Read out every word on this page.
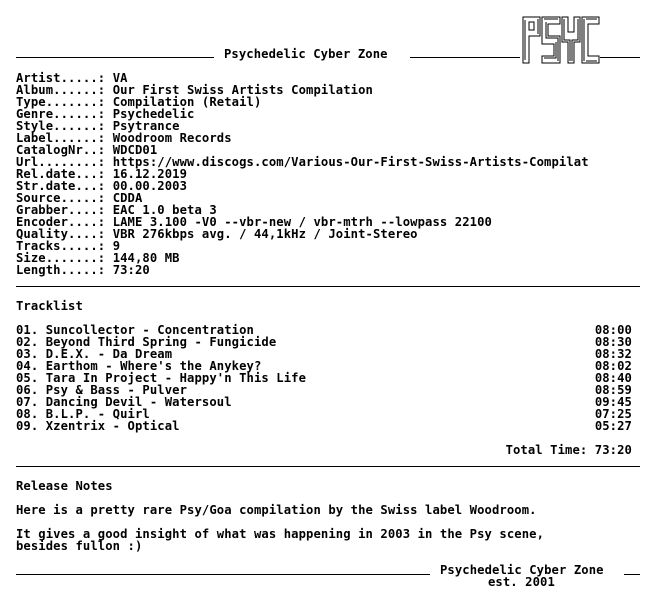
Psychedelic Cyber Zone
Artist.....: VA
Album......: Our First Swiss Artists Compilation
Type.......: Compilation (Retail)
Genre......: Psychedelic
Style......: Psytrance
Label......: Woodroom Records
CatalogNr..: WDCD01
Url........: https://www.discogs.com/Various-Our-First-Swiss-Artists-Compilat
Rel.date...: 16.12.2019
Str.date...: 00.00.2003
Source.....: CDDA
Grabber....: EAC 1.0 beta 3
Encoder....: LAME 3.100 -V0 --vbr-new / vbr-mtrh --lowpass 22100
Quality....: VBR 276kbps avg. / 44,1kHz / Joint-Stereo
Tracks.....: 9
Size.......: 144,80 MB
Length.....: 73:20
Tracklist
01. Suncollector - Concentration	08:00
02. Beyond Third Spring - Fungicide	08:30
03. D.E.X. - Da Dream	08:32
04. Earthom - Where's the Anykey?	08:02
05. Tara In Project - Happy'n This Life	08:40
06. Psy & Bass - Pulver	08:59
07. Dancing Devil - Watersoul	09:45
08. B.L.P. - Quirl	07:25
09. Xzentrix - Optical	05:27
Total Time: 73:20
Release Notes
Here is a pretty rare Psy/Goa compilation by the Swiss label Woodroom.
It gives a good insight of what was happening in 2003 in the Psy scene,
besides fullon :)
Psychedelic Cyber Zone
est. 2001
